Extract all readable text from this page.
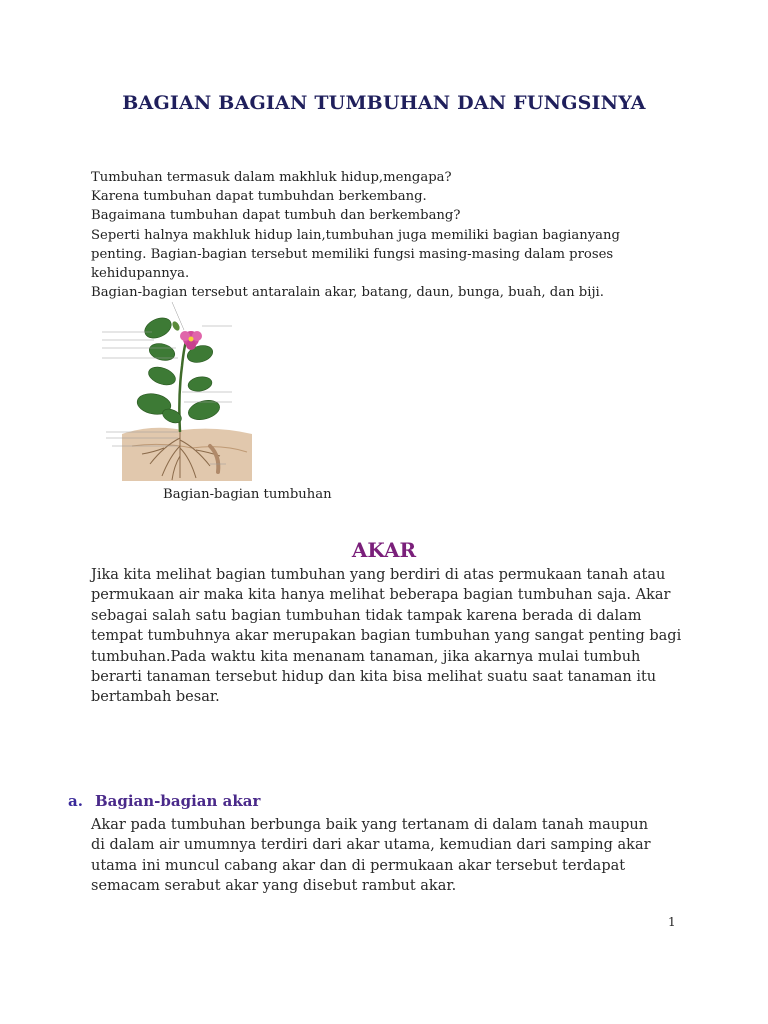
BAGIAN BAGIAN TUMBUHAN DAN FUNGSINYA
Tumbuhan termasuk dalam makhluk hidup,mengapa?
Karena tumbuhan dapat tumbuhdan berkembang.
Bagaimana tumbuhan dapat tumbuh dan berkembang?
Seperti halnya makhluk hidup lain,tumbuhan juga memiliki bagian bagianyang
penting. Bagian-bagian tersebut memiliki fungsi masing-masing dalam proses
kehidupannya.
Bagian-bagian tersebut antaralain akar, batang, daun, bunga, buah, dan biji.
Bagian-bagian tumbuhan
AKAR
Jika kita melihat bagian tumbuhan yang berdiri di atas permukaan tanah atau
permukaan air maka kita hanya melihat beberapa bagian tumbuhan saja. Akar
sebagai salah satu bagian tumbuhan tidak tampak karena berada di dalam
tempat tumbuhnya akar merupakan bagian tumbuhan yang sangat penting bagi
tumbuhan.Pada waktu kita menanam tanaman, jika akarnya mulai tumbuh
berarti tanaman tersebut hidup dan kita bisa melihat suatu saat tanaman itu
bertambah besar.
a. Bagian-bagian akar
Akar pada tumbuhan berbunga baik yang tertanam di dalam tanah maupun
di dalam air umumnya terdiri dari akar utama, kemudian dari samping akar
utama ini muncul cabang akar dan di permukaan akar tersebut terdapat
semacam serabut akar yang disebut rambut akar.
1
